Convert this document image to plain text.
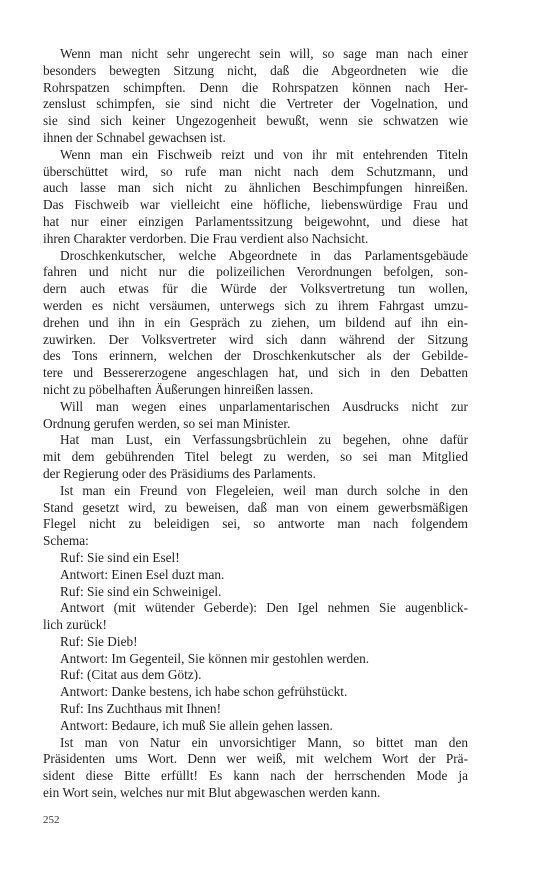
Wenn man nicht sehr ungerecht sein will, so sage man nach einer
besonders bewegten Sitzung nicht, daß die Abgeordneten wie die
Rohrspatzen schimpften. Denn die Rohrspatzen können nach Her-
zenslust schimpfen, sie sind nicht die Vertreter der Vogelnation, und
sie sind sich keiner Ungezogenheit bewußt, wenn sie schwatzen wie
ihnen der Schnabel gewachsen ist.
Wenn man ein Fischweib reizt und von ihr mit entehrenden Titeln
überschüttet wird, so rufe man nicht nach dem Schutzmann, und
auch lasse man sich nicht zu ähnlichen Beschimpfungen hinreißen.
Das Fischweib war vielleicht eine höfliche, liebenswürdige Frau und
hat nur einer einzigen Parlamentssitzung beigewohnt, und diese hat
ihren Charakter verdorben. Die Frau verdient also Nachsicht.
Droschkenkutscher, welche Abgeordnete in das Parlamentsgebäude
fahren und nicht nur die polizeilichen Verordnungen befolgen, son-
dern auch etwas für die Würde der Volksvertretung tun wollen,
werden es nicht versäumen, unterwegs sich zu ihrem Fahrgast umzu-
drehen und ihn in ein Gespräch zu ziehen, um bildend auf ihn ein-
zuwirken. Der Volksvertreter wird sich dann während der Sitzung
des Tons erinnern, welchen der Droschkenkutscher als der Gebilde-
tere und Bessererzogene angeschlagen hat, und sich in den Debatten
nicht zu pöbelhaften Äußerungen hinreißen lassen.
Will man wegen eines unparlamentarischen Ausdrucks nicht zur
Ordnung gerufen werden, so sei man Minister.
Hat man Lust, ein Verfassungsbrüchlein zu begehen, ohne dafür
mit dem gebührenden Titel belegt zu werden, so sei man Mitglied
der Regierung oder des Präsidiums des Parlaments.
Ist man ein Freund von Flegeleien, weil man durch solche in den
Stand gesetzt wird, zu beweisen, daß man von einem gewerbsmäßigen
Flegel nicht zu beleidigen sei, so antworte man nach folgendem
Schema:
Ruf: Sie sind ein Esel!
Antwort: Einen Esel duzt man.
Ruf: Sie sind ein Schweinigel.
Antwort (mit wütender Geberde): Den Igel nehmen Sie augenblick-
lich zurück!
Ruf: Sie Dieb!
Antwort: Im Gegenteil, Sie können mir gestohlen werden.
Ruf: (Citat aus dem Götz).
Antwort: Danke bestens, ich habe schon gefrühstückt.
Ruf: Ins Zuchthaus mit Ihnen!
Antwort: Bedaure, ich muß Sie allein gehen lassen.
Ist man von Natur ein unvorsichtiger Mann, so bittet man den
Präsidenten ums Wort. Denn wer weiß, mit welchem Wort der Prä-
sident diese Bitte erfüllt! Es kann nach der herrschenden Mode ja
ein Wort sein, welches nur mit Blut abgewaschen werden kann.
252
